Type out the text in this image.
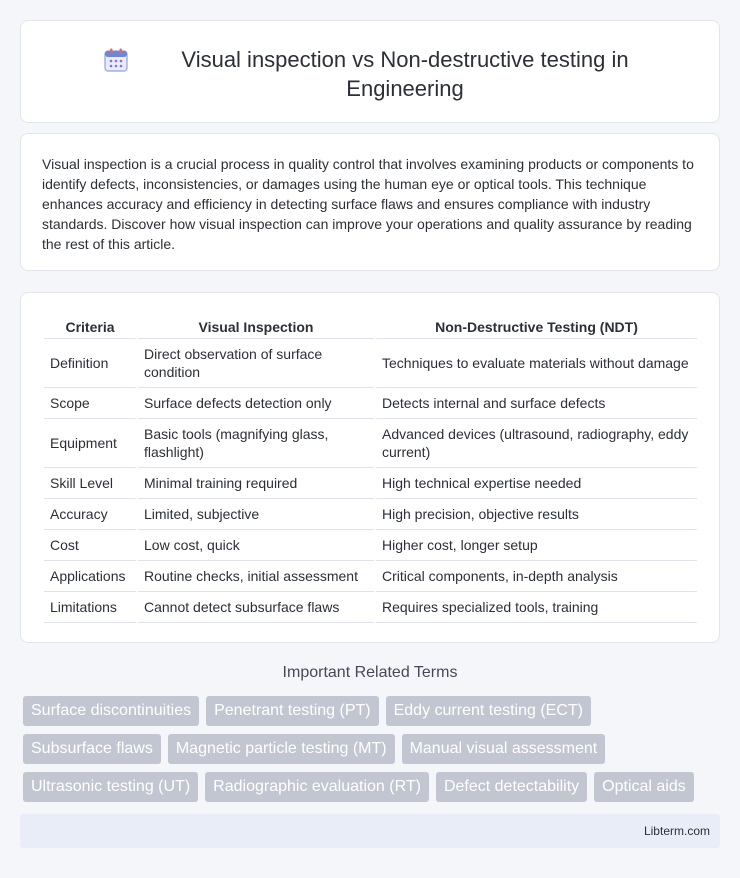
Visual inspection vs Non-destructive testing in Engineering

Visual inspection is a crucial process in quality control that involves examining products or components to identify defects, inconsistencies, or damages using the human eye or optical tools. This technique enhances accuracy and efficiency in detecting surface flaws and ensures compliance with industry standards. Discover how visual inspection can improve your operations and quality assurance by reading the rest of this article.

Criteria	Visual Inspection	Non-Destructive Testing (NDT)
Definition	Direct observation of surface condition	Techniques to evaluate materials without damage
Scope	Surface defects detection only	Detects internal and surface defects
Equipment	Basic tools (magnifying glass, flashlight)	Advanced devices (ultrasound, radiography, eddy current)
Skill Level	Minimal training required	High technical expertise needed
Accuracy	Limited, subjective	High precision, objective results
Cost	Low cost, quick	Higher cost, longer setup
Applications	Routine checks, initial assessment	Critical components, in-depth analysis
Limitations	Cannot detect subsurface flaws	Requires specialized tools, training
Important Related Terms
Surface discontinuities	Penetrant testing (PT)	Eddy current testing (ECT)
Subsurface flaws	Magnetic particle testing (MT)	Manual visual assessment
Ultrasonic testing (UT)	Radiographic evaluation (RT)	Defect detectability	Optical aids
Libterm.com
